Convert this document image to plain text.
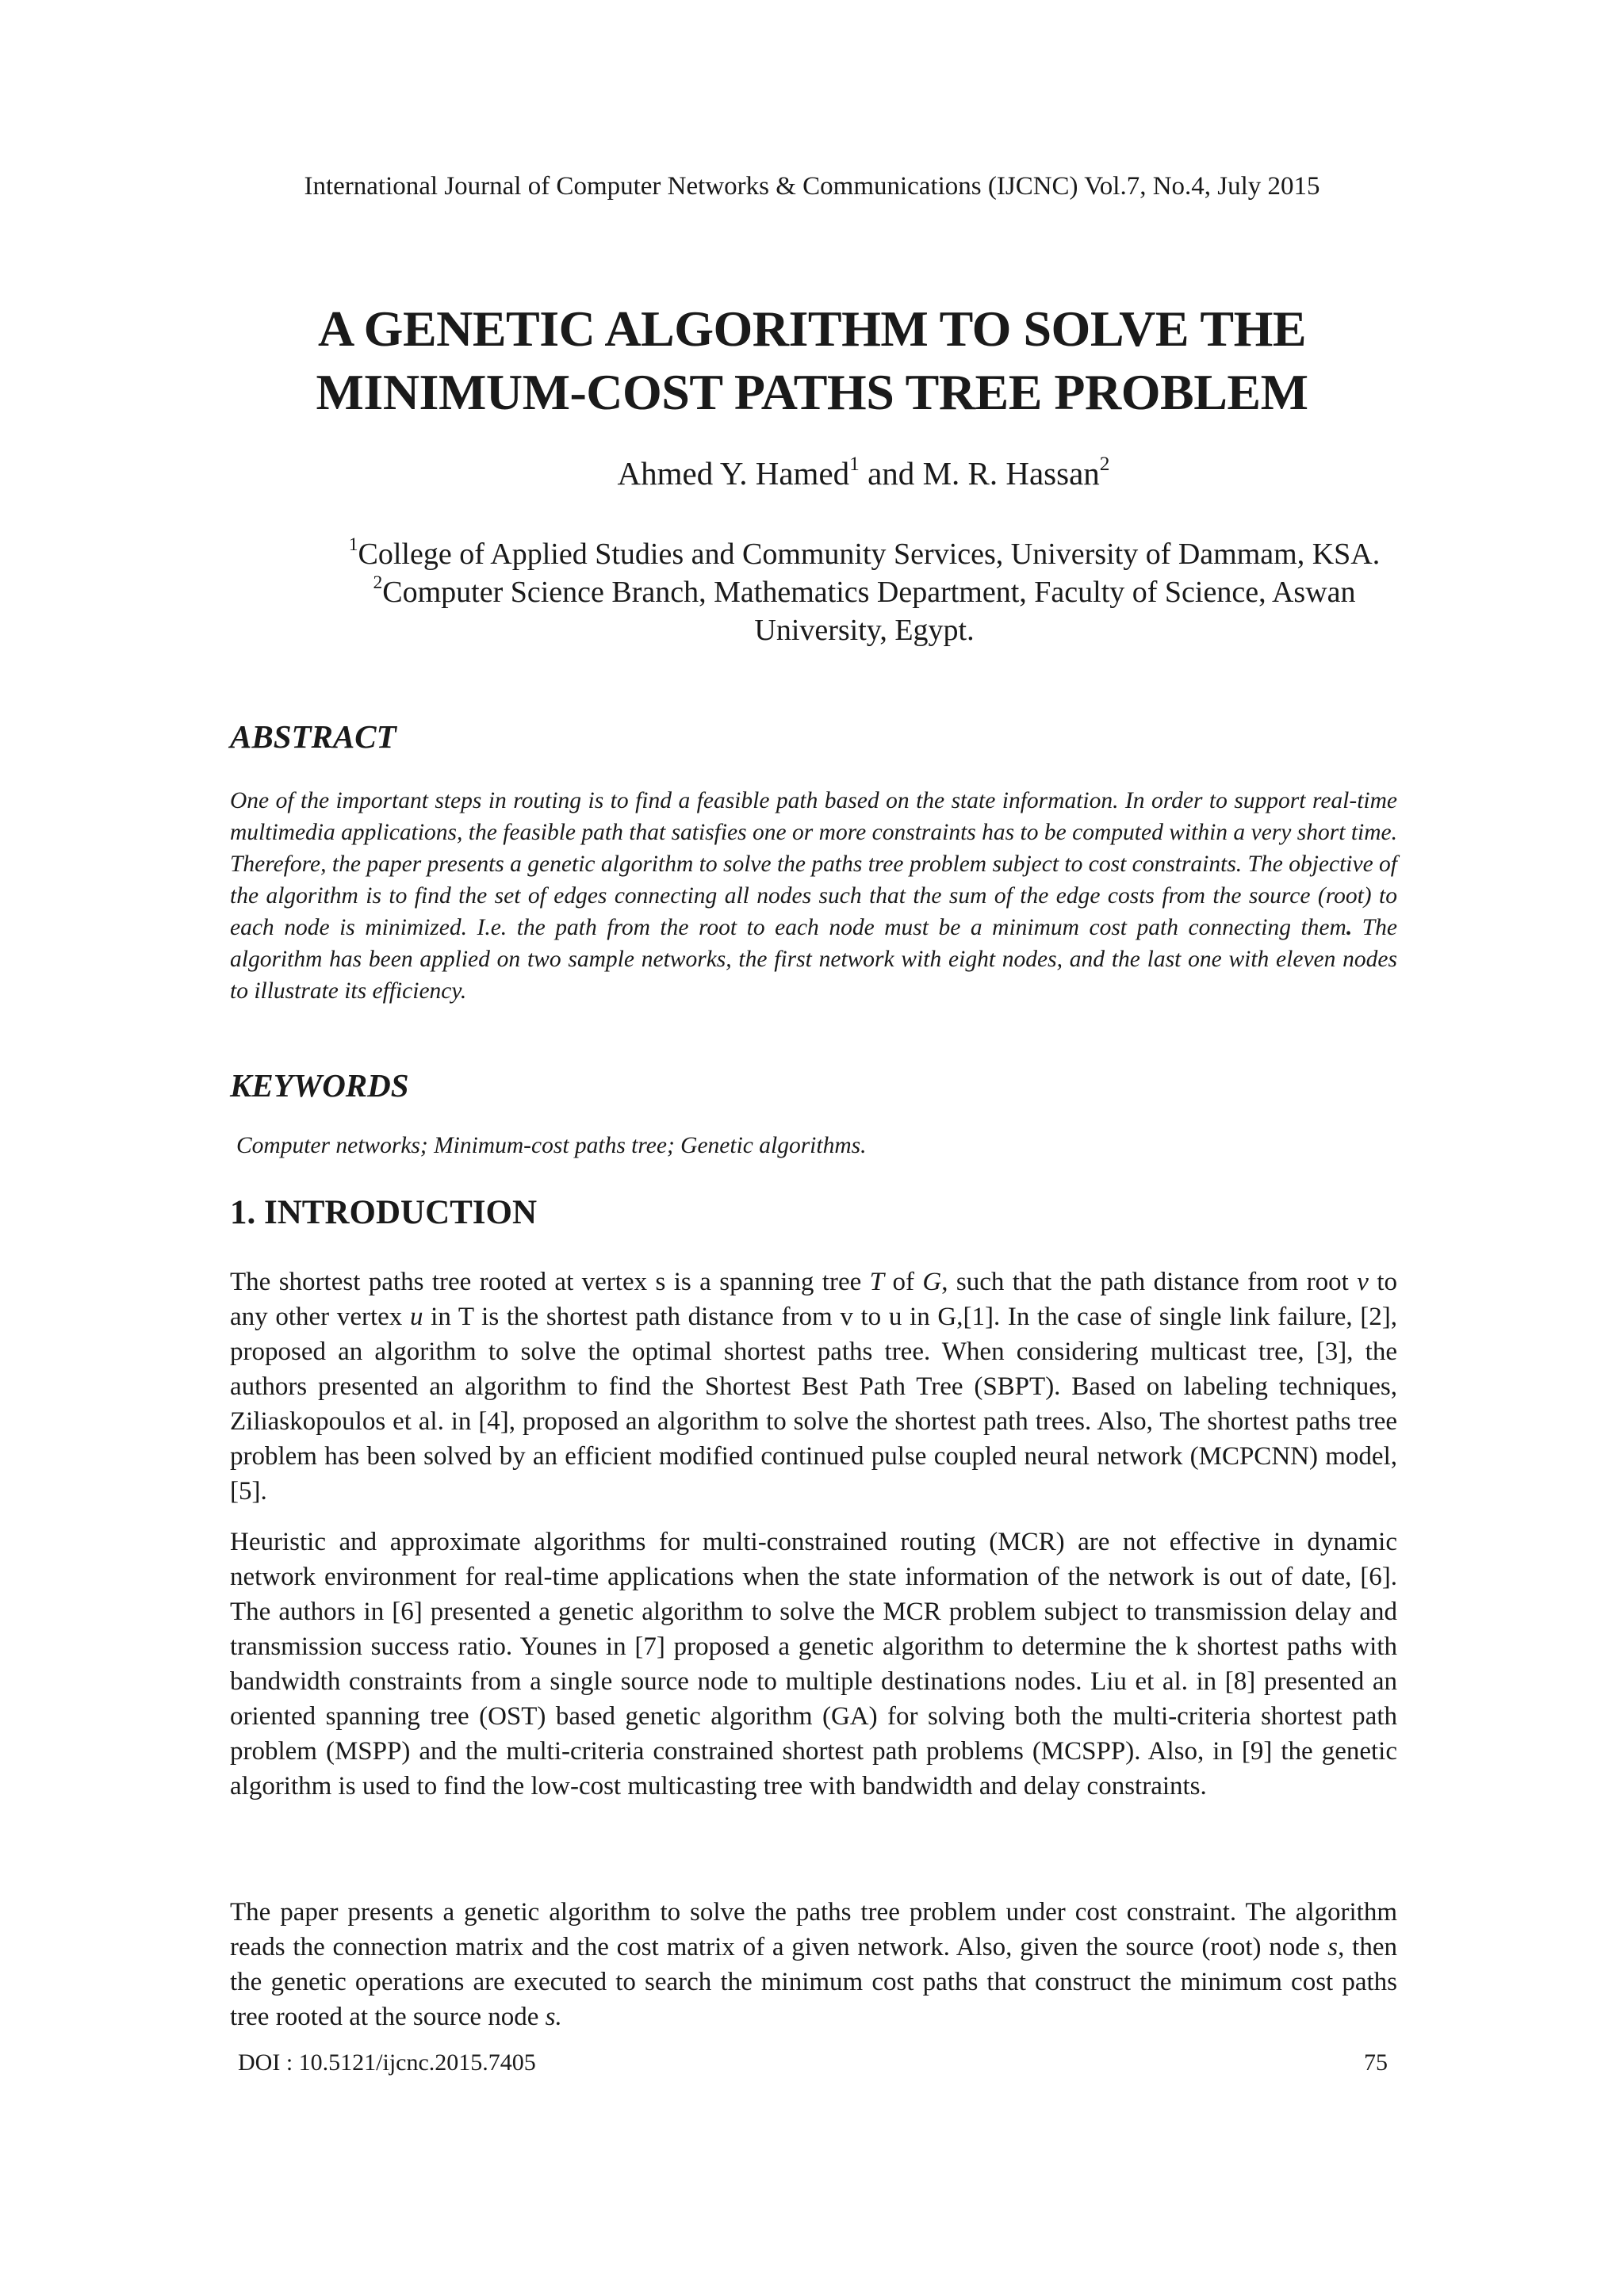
International Journal of Computer Networks & Communications (IJCNC) Vol.7, No.4, July 2015
A GENETIC ALGORITHM TO SOLVE THE
MINIMUM-COST PATHS TREE PROBLEM
Ahmed Y. Hamed$^1$ and M. R. Hassan$^2$

$^1$College of Applied Studies and Community Services, University of Dammam, KSA.

$^2$Computer Science Branch, Mathematics Department, Faculty of Science, Aswan University, Egypt.

ABSTRACT

One of the important steps in routing is to find a feasible path based on the state information. In order to support real-time multimedia applications, the feasible path that satisfies one or more constraints has to be computed within a very short time. Therefore, the paper presents a genetic algorithm to solve the paths tree problem subject to cost constraints. The objective of the algorithm is to find the set of edges connecting all nodes such that the sum of the edge costs from the source (root) to each node is minimized. I.e. the path from the root to each node must be a minimum cost path connecting them. The algorithm has been applied on two sample networks, the first network with eight nodes, and the last one with eleven nodes to illustrate its efficiency.

KEYWORDS

Computer networks; Minimum-cost paths tree; Genetic algorithms.

1. INTRODUCTION

The shortest paths tree rooted at vertex s is a spanning tree T of G, such that the path distance from root v to any other vertex u in T is the shortest path distance from v to u in G,[1]. In the case of single link failure, [2], proposed an algorithm to solve the optimal shortest paths tree. When considering multicast tree, [3], the authors presented an algorithm to find the Shortest Best Path Tree (SBPT). Based on labeling techniques, Ziliaskopoulos et al. in [4], proposed an algorithm to solve the shortest path trees. Also, The shortest paths tree problem has been solved by an efficient modified continued pulse coupled neural network (MCPCNN) model, [5].

Heuristic and approximate algorithms for multi-constrained routing (MCR) are not effective in dynamic network environment for real-time applications when the state information of the network is out of date, [6]. The authors in [6] presented a genetic algorithm to solve the MCR problem subject to transmission delay and transmission success ratio. Younes in [7] proposed a genetic algorithm to determine the k shortest paths with bandwidth constraints from a single source node to multiple destinations nodes. Liu et al. in [8] presented an oriented spanning tree (OST) based genetic algorithm (GA) for solving both the multi-criteria shortest path problem (MSPP) and the multi-criteria constrained shortest path problems (MCSPP). Also, in [9] the genetic algorithm is used to find the low-cost multicasting tree with bandwidth and delay constraints.

The paper presents a genetic algorithm to solve the paths tree problem under cost constraint. The algorithm reads the connection matrix and the cost matrix of a given network. Also, given the source (root) node s, then the genetic operations are executed to search the minimum cost paths that construct the minimum cost paths tree rooted at the source node s.

DOI : 10.5121/ijcnc.2015.7405	75
